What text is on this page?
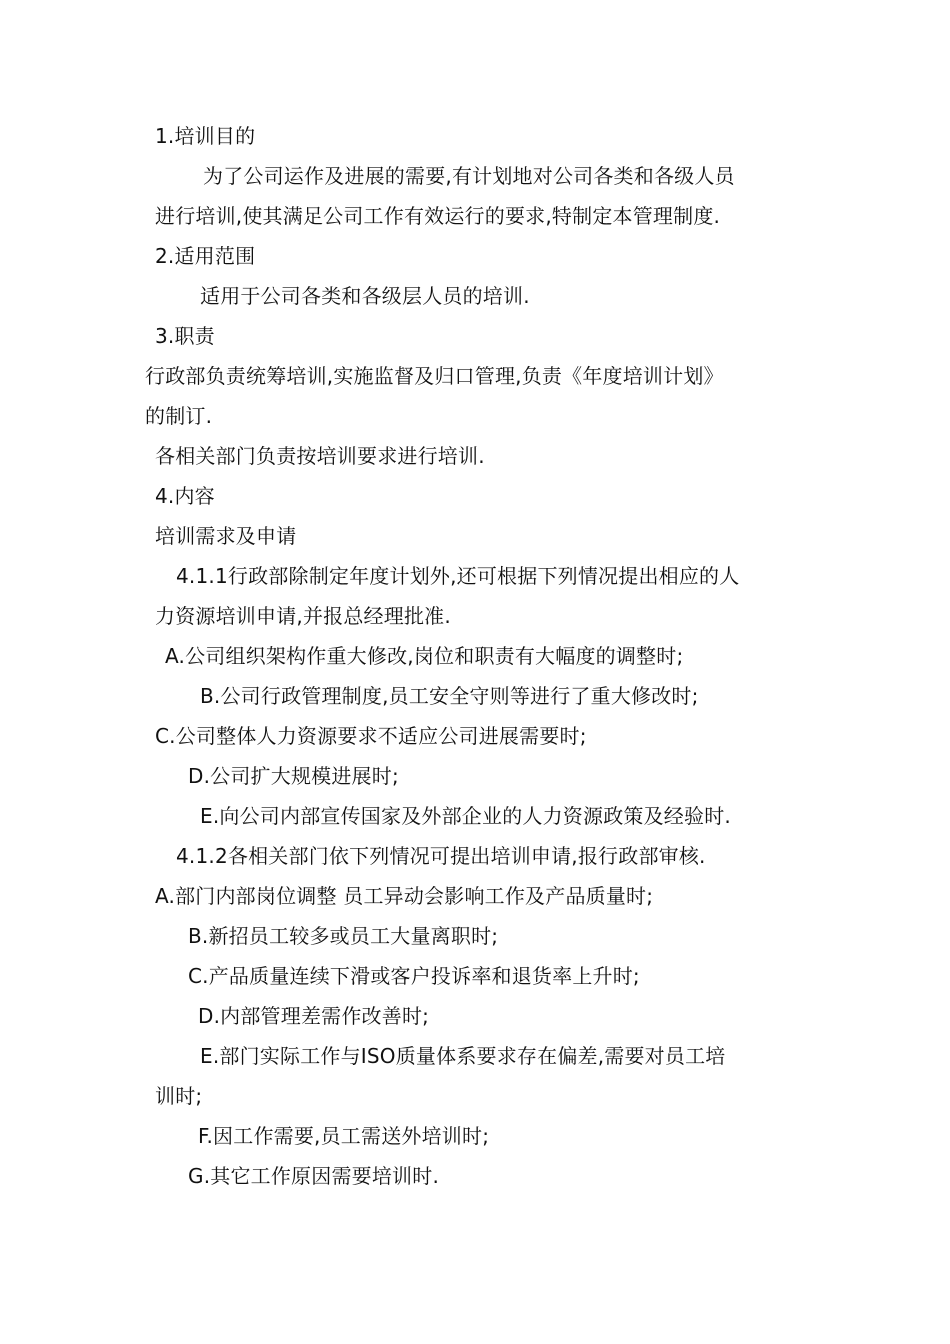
1.培训目的

为了公司运作及进展的需要,有计划地对公司各类和各级人员

进行培训,使其满足公司工作有效运行的要求,特制定本管理制度.

2.适用范围

适用于公司各类和各级层人员的培训.

3.职责

行政部负责统筹培训,实施监督及归口管理,负责《年度培训计划》

的制订.

各相关部门负责按培训要求进行培训.

4.内容

培训需求及申请

4.1.1行政部除制定年度计划外,还可根据下列情况提出相应的人

力资源培训申请,并报总经理批准.

A.公司组织架构作重大修改,岗位和职责有大幅度的调整时;

B.公司行政管理制度,员工安全守则等进行了重大修改时;

C.公司整体人力资源要求不适应公司进展需要时;

D.公司扩大规模进展时;

E.向公司内部宣传国家及外部企业的人力资源政策及经验时.

4.1.2各相关部门依下列情况可提出培训申请,报行政部审核.

A.部门内部岗位调整 员工异动会影响工作及产品质量时;

B.新招员工较多或员工大量离职时;

C.产品质量连续下滑或客户投诉率和退货率上升时;

D.内部管理差需作改善时;

E.部门实际工作与ISO质量体系要求存在偏差,需要对员工培

训时;

F.因工作需要,员工需送外培训时;

G.其它工作原因需要培训时.
